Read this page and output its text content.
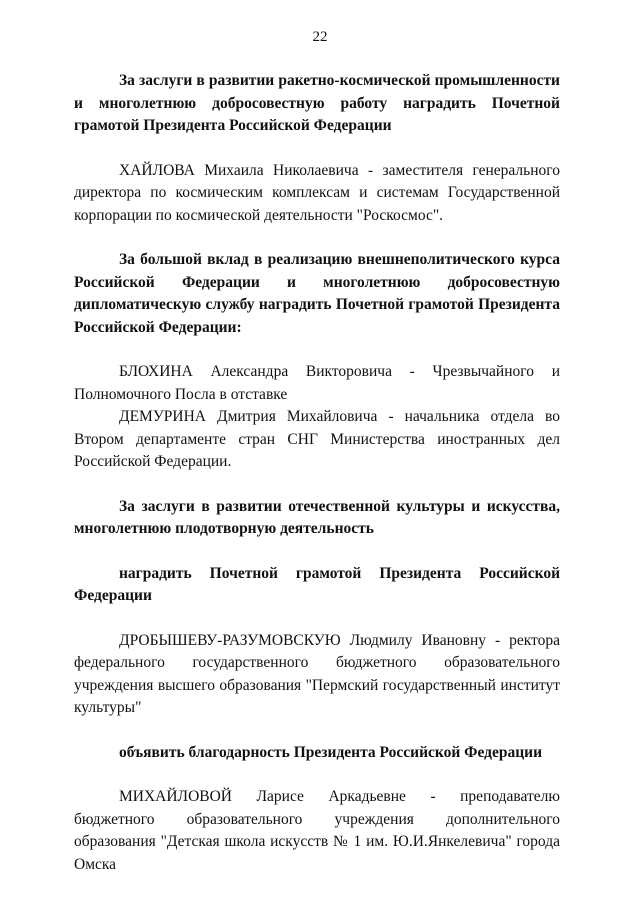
22

За заслуги в развитии ракетно-космической промышленности и многолетнюю добросовестную работу наградить Почетной грамотой Президента Российской Федерации

ХАЙЛОВА Михаила Николаевича - заместителя генерального директора по космическим комплексам и системам Государственной корпорации по космической деятельности "Роскосмос".

За большой вклад в реализацию внешнеполитического курса Российской Федерации и многолетнюю добросовестную дипломатическую службу наградить Почетной грамотой Президента Российской Федерации:

БЛОХИНА Александра Викторовича - Чрезвычайного и Полномочного Посла в отставке

ДЕМУРИНА Дмитрия Михайловича - начальника отдела во Втором департаменте стран СНГ Министерства иностранных дел Российской Федерации.

За заслуги в развитии отечественной культуры и искусства, многолетнюю плодотворную деятельность

наградить Почетной грамотой Президента Российской Федерации

ДРОБЫШЕВУ-РАЗУМОВСКУЮ Людмилу Ивановну - ректора федерального государственного бюджетного образовательного учреждения высшего образования "Пермский государственный институт культуры"

объявить благодарность Президента Российской Федерации

МИХАЙЛОВОЙ Ларисе Аркадьевне - преподавателю бюджетного образовательного учреждения дополнительного образования "Детская школа искусств № 1 им. Ю.И.Янкелевича" города Омска
